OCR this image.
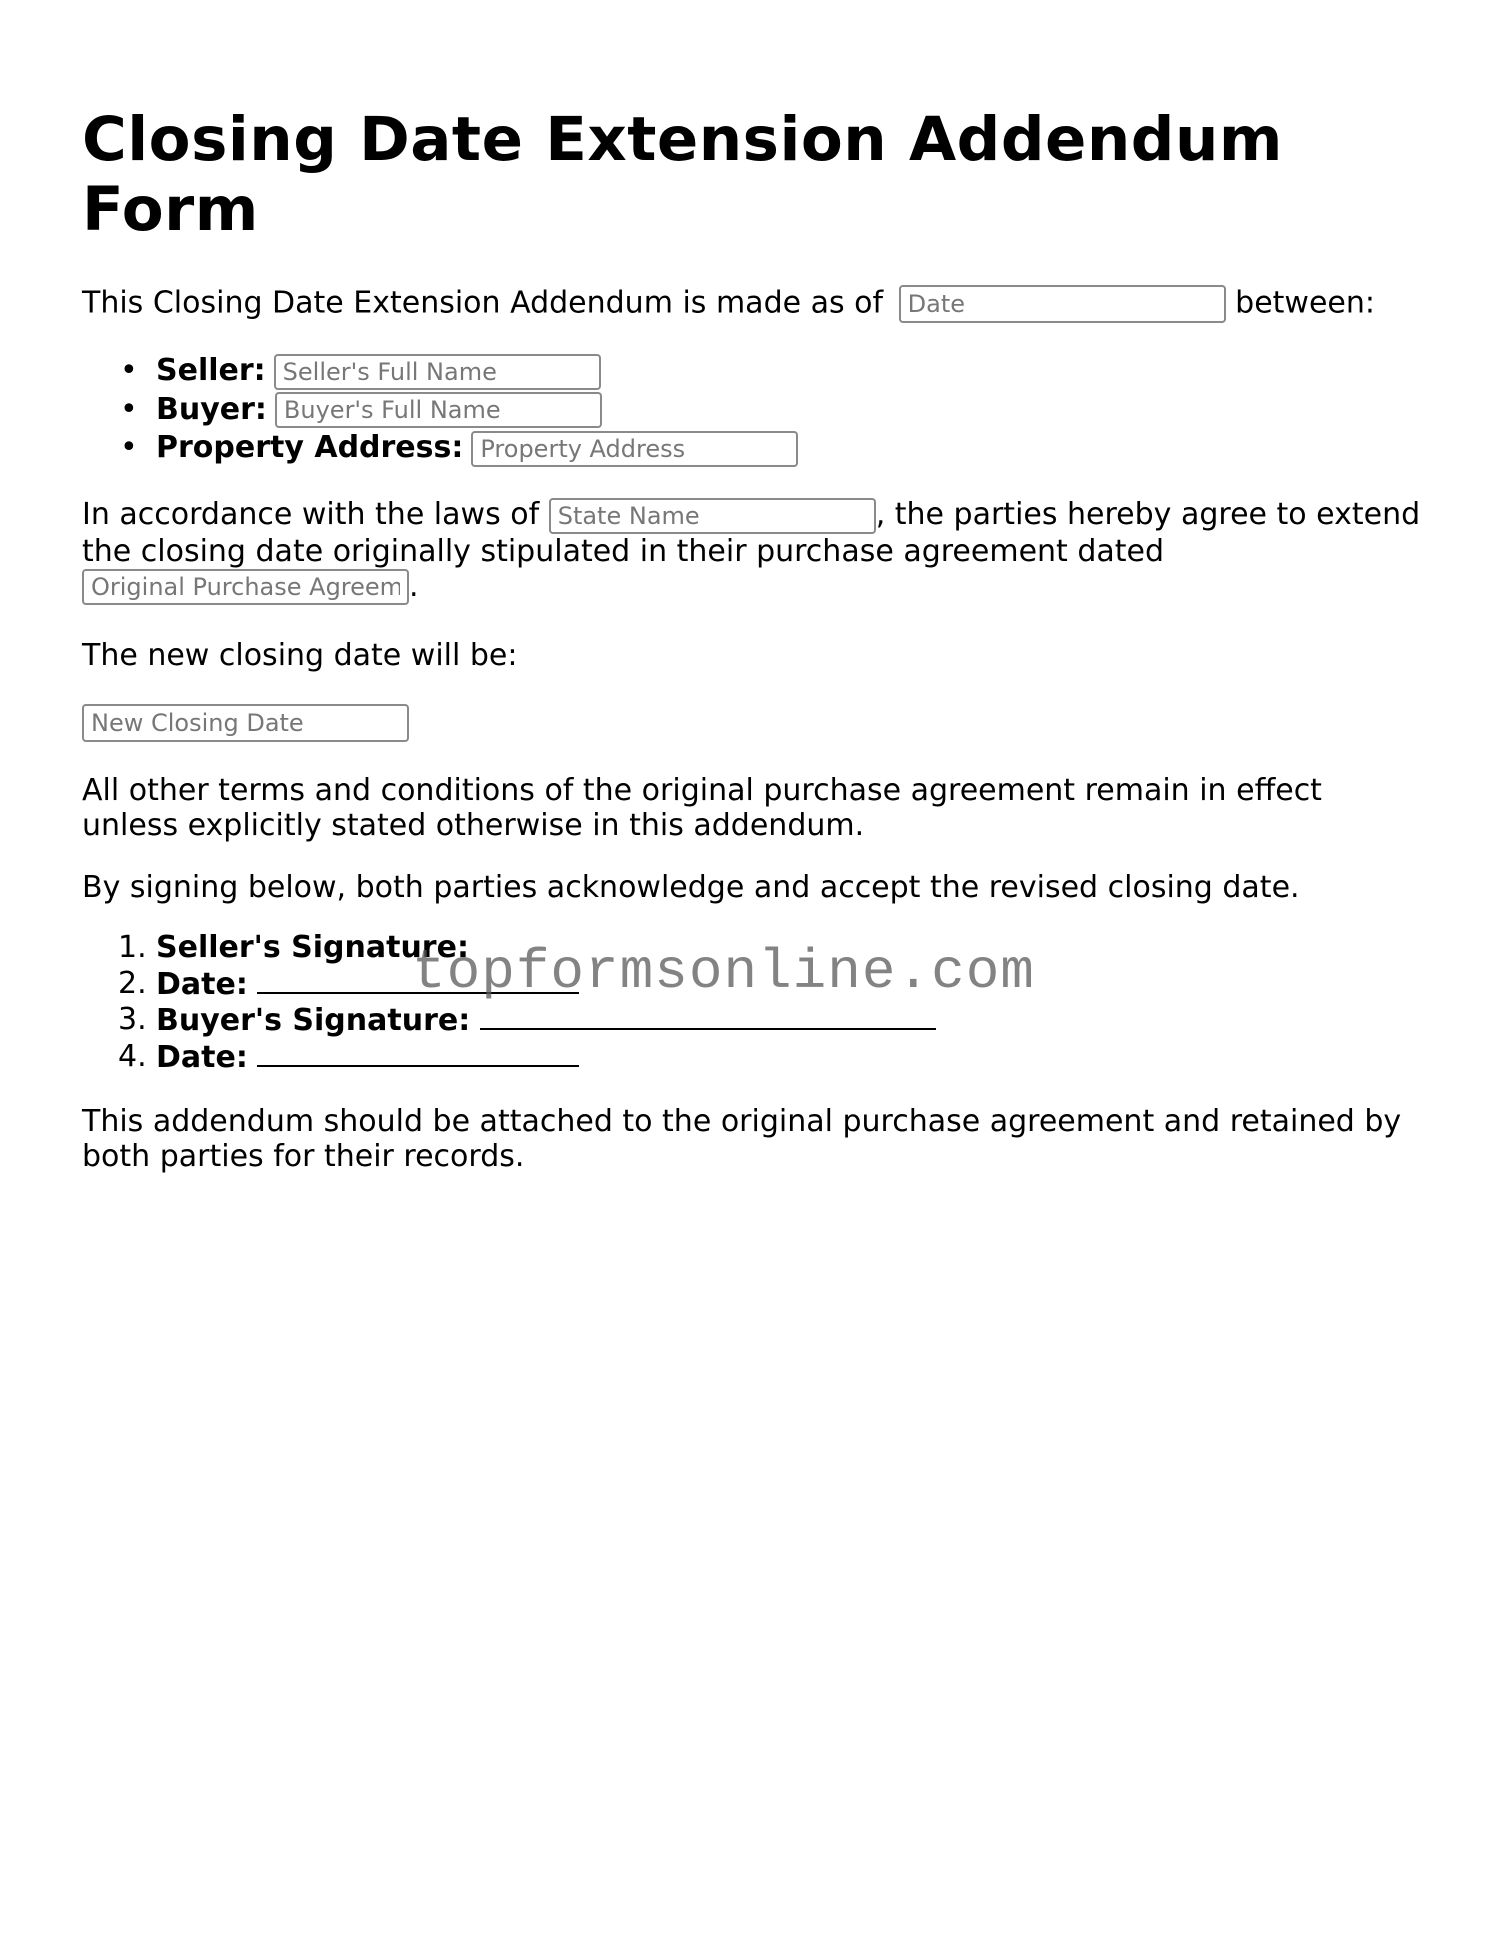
Closing Date Extension Addendum Form

This Closing Date Extension Addendum is made as of Date	between:

• Seller:Seller's Full Name
• Buyer:Buyer's Full Name
• Property Address:Property Address

In accordance with the laws of State Name	, the parties hereby agree to extend the closing date originally stipulated in their purchase agreement dated
Original Purchase Agreement Date.

The new closing date will be:

New Closing Date

All other terms and conditions of the original purchase agreement remain in effect unless explicitly stated otherwise in this addendum.

By signing below, both parties acknowledge and accept the revised closing date.

1. Seller's Signature:
2. Date:
3. Buyer's Signature:
4. Date:

This addendum should be attached to the original purchase agreement and retained by both parties for their records.

topformsonline.com
